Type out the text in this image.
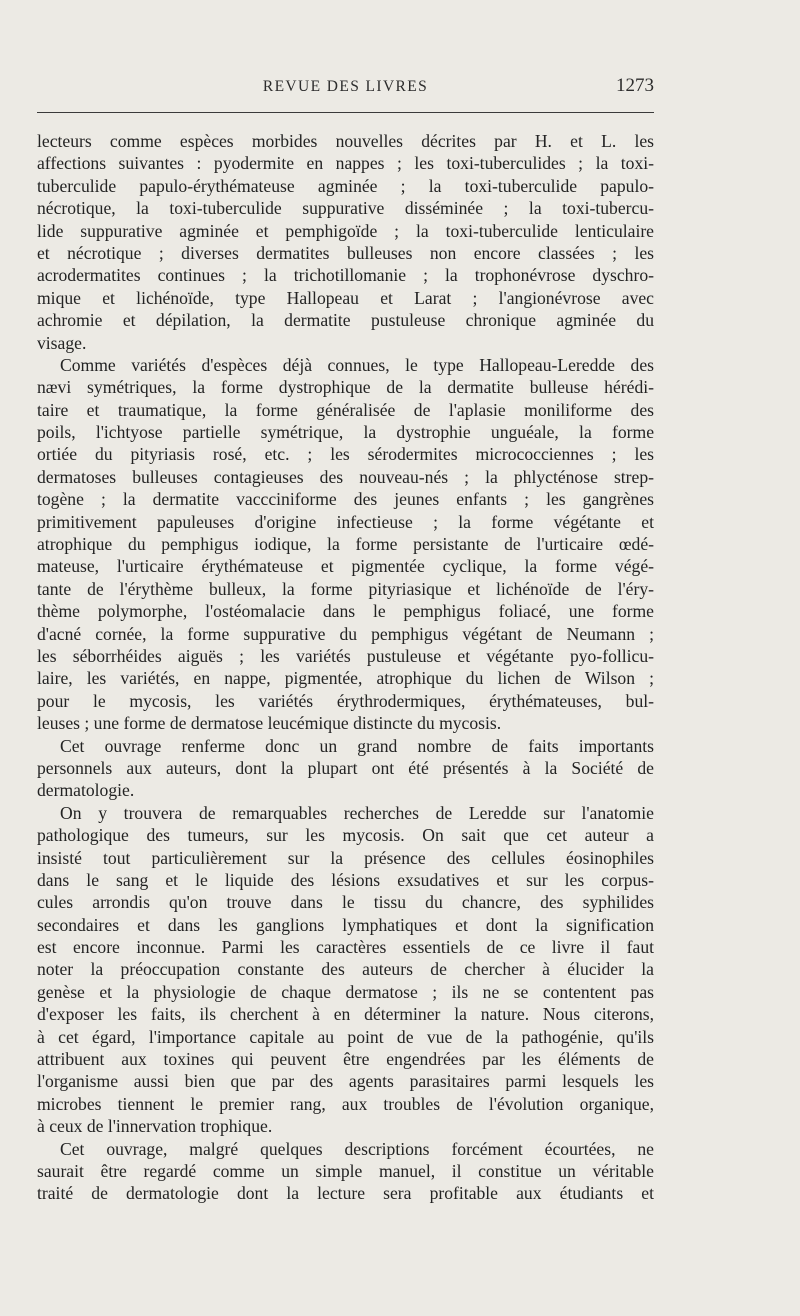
REVUE DES LIVRES	1273
lecteurs comme espèces morbides nouvelles décrites par H. et L. les
affections suivantes : pyodermite en nappes ; les toxi-tuberculides ; la toxi-
tuberculide papulo-érythémateuse agminée ; la toxi-tuberculide papulo-
nécrotique, la toxi-tuberculide suppurative disséminée ; la toxi-tubercu-
lide suppurative agminée et pemphigoïde ; la toxi-tuberculide lenticulaire
et nécrotique ; diverses dermatites bulleuses non encore classées ; les
acrodermatites continues ; la trichotillomanie ; la trophonévrose dyschro-
mique et lichénoïde, type Hallopeau et Larat ; l'angionévrose avec
achromie et dépilation, la dermatite pustuleuse chronique agminée du
visage.
Comme variétés d'espèces déjà connues, le type Hallopeau-Leredde des
nævi symétriques, la forme dystrophique de la dermatite bulleuse hérédi-
taire et traumatique, la forme généralisée de l'aplasie moniliforme des
poils, l'ichtyose partielle symétrique, la dystrophie unguéale, la forme
ortiée du pityriasis rosé, etc. ; les sérodermites micrococciennes ; les
dermatoses bulleuses contagieuses des nouveau-nés ; la phlycténose strep-
togène ; la dermatite vaccciniforme des jeunes enfants ; les gangrènes
primitivement papuleuses d'origine infectieuse ; la forme végétante et
atrophique du pemphigus iodique, la forme persistante de l'urticaire œdé-
mateuse, l'urticaire érythémateuse et pigmentée cyclique, la forme végé-
tante de l'érythème bulleux, la forme pityriasique et lichénoïde de l'éry-
thème polymorphe, l'ostéomalacie dans le pemphigus foliacé, une forme
d'acné cornée, la forme suppurative du pemphigus végétant de Neumann ;
les séborrhéides aiguës ; les variétés pustuleuse et végétante pyo-follicu-
laire, les variétés, en nappe, pigmentée, atrophique du lichen de Wilson ;
pour le mycosis, les variétés érythrodermiques, érythémateuses, bul-
leuses ; une forme de dermatose leucémique distincte du mycosis.
Cet ouvrage renferme donc un grand nombre de faits importants
personnels aux auteurs, dont la plupart ont été présentés à la Société de
dermatologie.
On y trouvera de remarquables recherches de Leredde sur l'anatomie
pathologique des tumeurs, sur les mycosis. On sait que cet auteur a
insisté tout particulièrement sur la présence des cellules éosinophiles
dans le sang et le liquide des lésions exsudatives et sur les corpus-
cules arrondis qu'on trouve dans le tissu du chancre, des syphilides
secondaires et dans les ganglions lymphatiques et dont la signification
est encore inconnue. Parmi les caractères essentiels de ce livre il faut
noter la préoccupation constante des auteurs de chercher à élucider la
genèse et la physiologie de chaque dermatose ; ils ne se contentent pas
d'exposer les faits, ils cherchent à en déterminer la nature. Nous citerons,
à cet égard, l'importance capitale au point de vue de la pathogénie, qu'ils
attribuent aux toxines qui peuvent être engendrées par les éléments de
l'organisme aussi bien que par des agents parasitaires parmi lesquels les
microbes tiennent le premier rang, aux troubles de l'évolution organique,
à ceux de l'innervation trophique.
Cet ouvrage, malgré quelques descriptions forcément écourtées, ne
saurait être regardé comme un simple manuel, il constitue un véritable
traité de dermatologie dont la lecture sera profitable aux étudiants et
